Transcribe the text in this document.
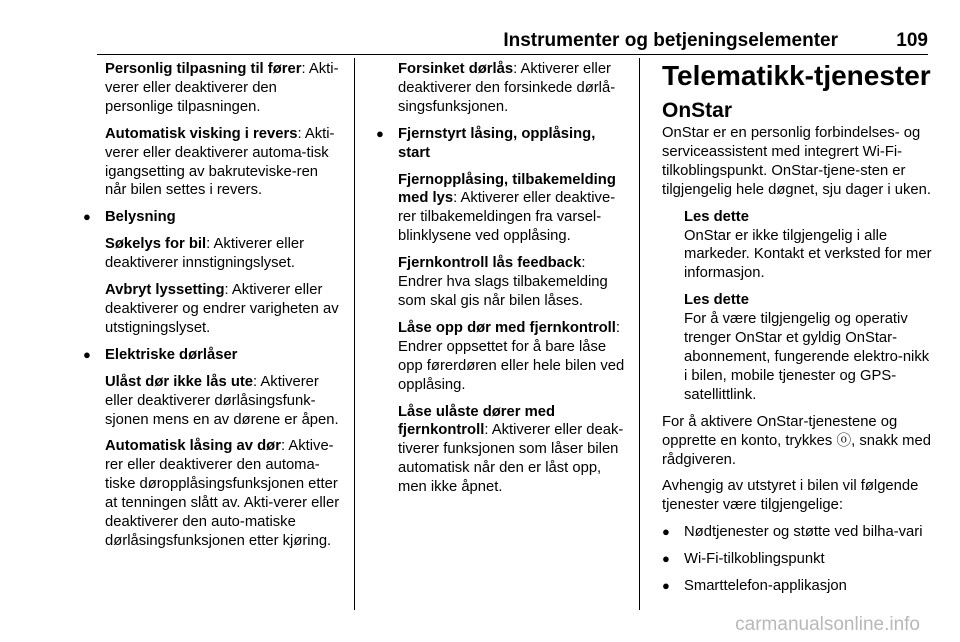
Instrumenter og betjeningselementer	109

Personlig tilpasning til fører: Akti-verer eller deaktiverer den personlige tilpasningen.

Automatisk visking i revers: Akti-verer eller deaktiverer automa-tisk igangsetting av bakruteviske-ren når bilen settes i revers.

● Belysning

Søkelys for bil: Aktiverer eller deaktiverer innstigningslyset.

Avbryt lyssetting: Aktiverer eller deaktiverer og endrer varigheten av utstigningslyset.

● Elektriske dørlåser

Ulåst dør ikke lås ute: Aktiverer eller deaktiverer dørlåsingsfunk-sjonen mens en av dørene er åpen.

Automatisk låsing av dør: Aktive-rer eller deaktiverer den automa-tiske døropplåsingsfunksjonen etter at tenningen slått av. Akti-verer eller deaktiverer den auto-matiske dørlåsingsfunksjonen etter kjøring.

Forsinket dørlås: Aktiverer eller deaktiverer den forsinkede dørlå-singsfunksjonen.

● Fjernstyrt låsing, opplåsing, start

Fjernopplåsing, tilbakemelding med lys: Aktiverer eller deaktive-rer tilbakemeldingen fra varsel-blinklysene ved opplåsing.

Fjernkontroll lås feedback: Endrer hva slags tilbakemelding som skal gis når bilen låses.

Låse opp dør med fjernkontroll: Endrer oppsettet for å bare låse opp førerdøren eller hele bilen ved opplåsing.

Låse ulåste dører med fjernkontroll: Aktiverer eller deak-tiverer funksjonen som låser bilen automatisk når den er låst opp, men ikke åpnet.

Telematikk-tjenester
OnStar

OnStar er en personlig forbindelses- og serviceassistent med integrert Wi-Fi-tilkoblingspunkt. OnStar-tjene-sten er tilgjengelig hele døgnet, sju dager i uken.

Les dette
OnStar er ikke tilgjengelig i alle markeder. Kontakt et verksted for mer informasjon.

Les dette
For å være tilgjengelig og operativ trenger OnStar et gyldig OnStar-abonnement, fungerende elektro-nikk i bilen, mobile tjenester og GPS-satellittlink.

For å aktivere OnStar-tjenestene og opprette en konto, trykkes ⓞ, snakk med rådgiveren.

Avhengig av utstyret i bilen vil følgende tjenester være tilgjengelige:

● Nødtjenester og støtte ved bilha-vari
● Wi-Fi-tilkoblingspunkt
● Smarttelefon-applikasjon
carmanualsonline.info
